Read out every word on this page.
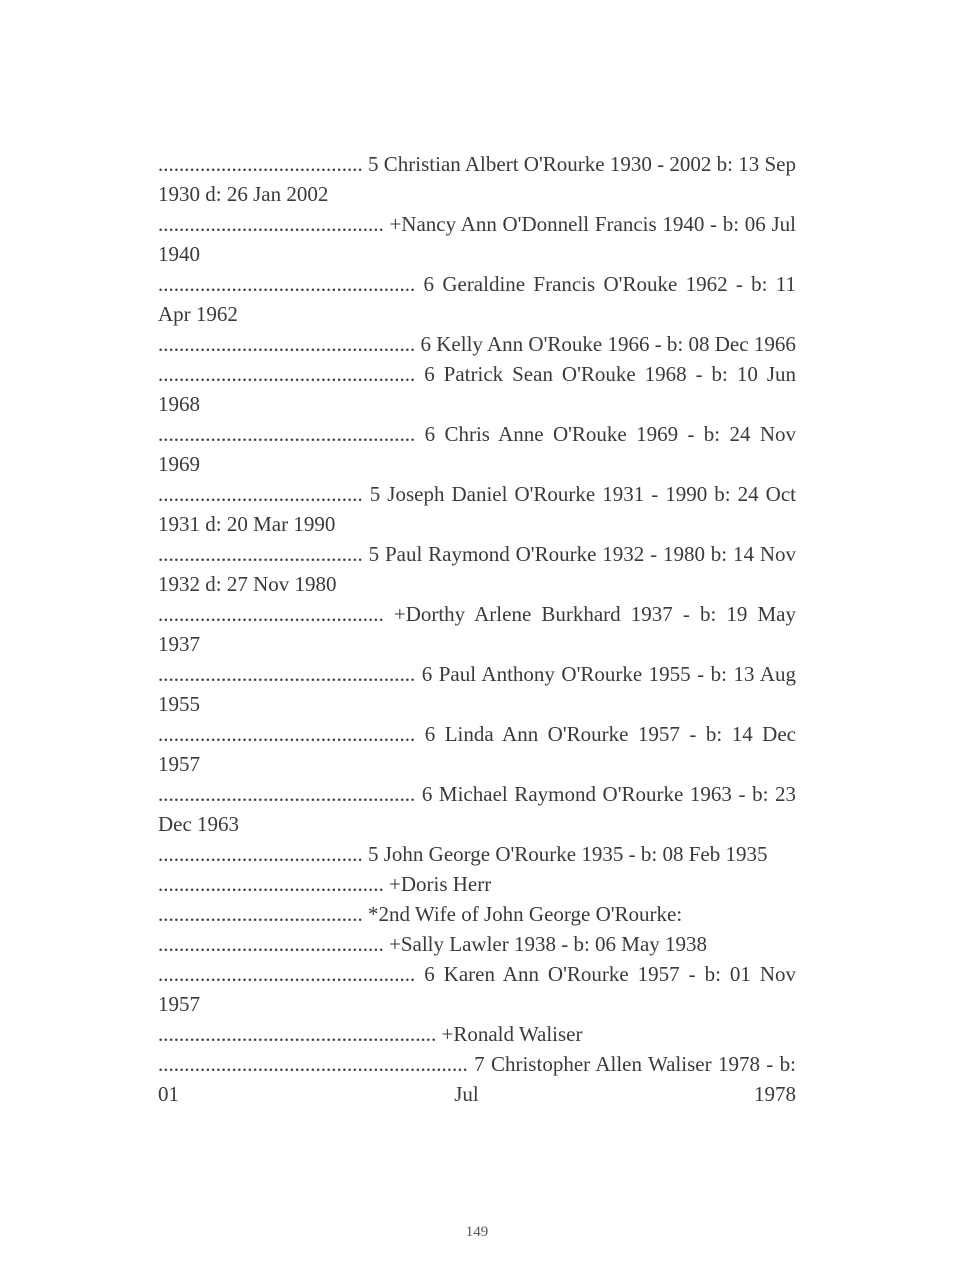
....................................... 5 Christian Albert O'Rourke 1930 - 2002 b: 13 Sep 1930 d: 26 Jan 2002

........................................... +Nancy Ann O'Donnell Francis 1940 - b: 06 Jul 1940

................................................. 6 Geraldine Francis O'Rouke 1962 - b: 11 Apr 1962

................................................. 6 Kelly Ann O'Rouke 1966 - b: 08 Dec 1966

................................................. 6 Patrick Sean O'Rouke 1968 - b: 10 Jun 1968

................................................. 6 Chris Anne O'Rouke 1969 - b: 24 Nov 1969

....................................... 5 Joseph Daniel O'Rourke 1931 - 1990 b: 24 Oct 1931 d: 20 Mar 1990

....................................... 5 Paul Raymond O'Rourke 1932 - 1980 b: 14 Nov 1932 d: 27 Nov 1980

........................................... +Dorthy Arlene Burkhard 1937 - b: 19 May 1937

................................................. 6 Paul Anthony O'Rourke 1955 - b: 13 Aug 1955

................................................. 6 Linda Ann O'Rourke 1957 - b: 14 Dec 1957

................................................. 6 Michael Raymond O'Rourke 1963 - b: 23 Dec 1963

....................................... 5 John George O'Rourke 1935 - b: 08 Feb 1935

........................................... +Doris Herr

....................................... *2nd Wife of John George O'Rourke:

........................................... +Sally Lawler 1938 - b: 06 May 1938

................................................. 6 Karen Ann O'Rourke 1957 - b: 01 Nov 1957

..................................................... +Ronald Waliser

........................................................... 7 Christopher Allen Waliser 1978 - b: 01 Jul 1978

149
